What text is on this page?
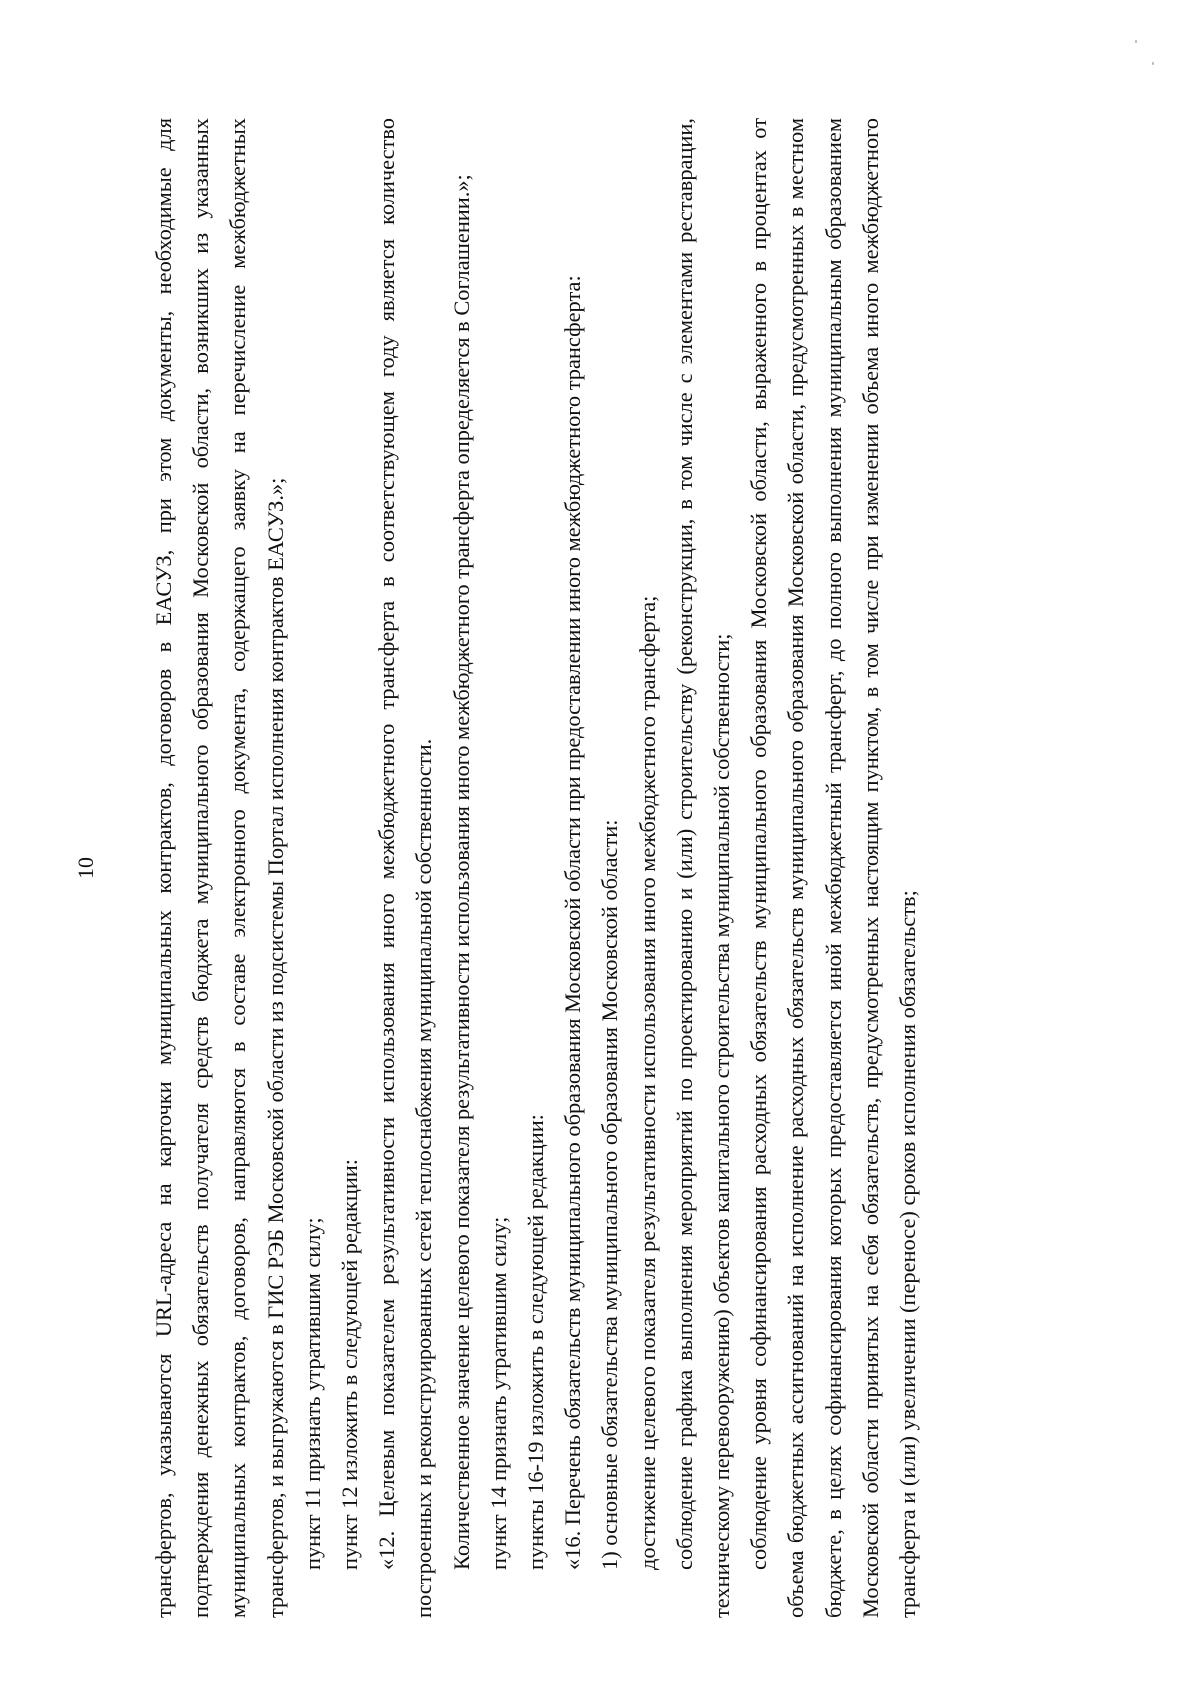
трансфертов, указываются URL-адреса на карточки муниципальных контрактов, договоров в ЕАСУЗ, при этом документы, необходимые для подтверждения денежных обязательств получателя средств бюджета муниципального образования Московской области, возникших из указанных муниципальных контрактов, договоров, направляются в составе электронного документа, содержащего заявку на перечисление межбюджетных трансфертов, и выгружаются в ГИС РЭБ Московской области из подсистемы Портал исполнения контрактов ЕАСУЗ.»; пункт 11 признать утратившим силу; пункт 12 изложить в следующей редакции: «12. Целевым показателем результативности использования иного межбюджетного трансферта в соответствующем году является количество построенных и реконструированных сетей теплоснабжения муниципальной собственности. Количественное значение целевого показателя результативности использования иного межбюджетного трансферта определяется в Соглашении.»; пункт 14 признать утратившим силу; пункты 16-19 изложить в следующей редакции: «16. Перечень обязательств муниципального образования Московской области при предоставлении иного межбюджетного трансферта: 1) основные обязательства муниципального образования Московской области: достижение целевого показателя результативности использования иного межбюджетного трансферта; соблюдение графика выполнения мероприятий по проектированию и (или) строительству (реконструкции, в том числе с элементами реставрации, техническому перевооружению) объектов капитального строительства муниципальной собственности; соблюдение уровня софинансирования расходных обязательств муниципального образования Московской области, выраженного в процентах от объема бюджетных ассигнований на исполнение расходных обязательств муниципального образования Московской области, предусмотренных в местном бюджете, в целях софинансирования которых предоставляется иной межбюджетный трансферт, до полного выполнения муниципальным образованием Московской области принятых на себя обязательств, предусмотренных настоящим пунктом, в том числе при изменении объема иного межбюджетного трансферта и (или) увеличении (переносе) сроков исполнения обязательств;

10
